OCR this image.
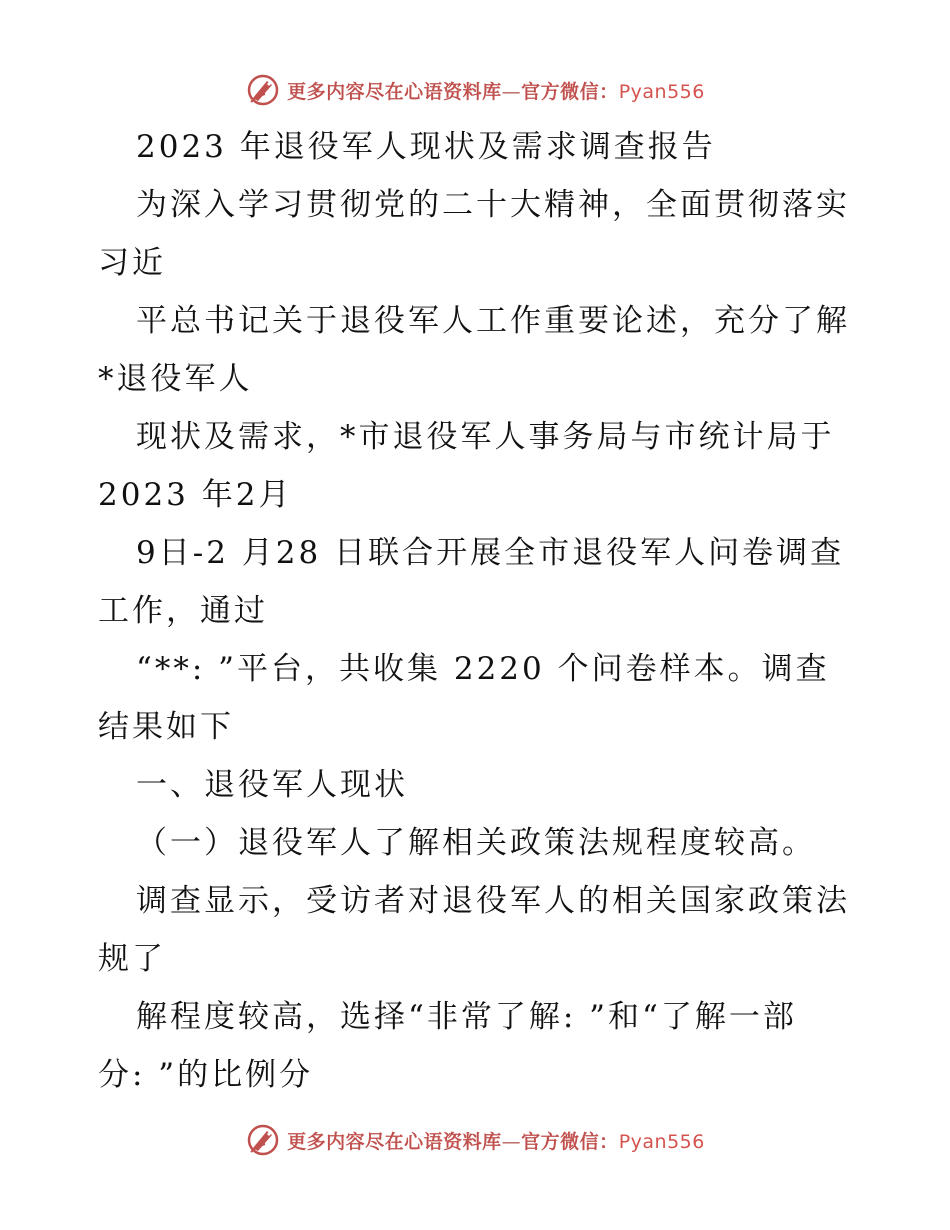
更多内容尽在心语资料库—官方微信：Pyan556
2023 年退役军人现状及需求调查报告
为深入学习贯彻党的二十大精神，全面贯彻落实
习近
平总书记关于退役军人工作重要论述，充分了解
*退役军人
现状及需求，*市退役军人事务局与市统计局于
2023 年2月
9日-2 月28 日联合开展全市退役军人问卷调查
工作，通过
“**: ”平台，共收集 2220 个问卷样本。调查
结果如下
一、退役军人现状
（一）退役军人了解相关政策法规程度较高。
调查显示，受访者对退役军人的相关国家政策法
规了
解程度较高，选择“非常了解: ”和“了解一部
分: ”的比例分
更多内容尽在心语资料库—官方微信：Pyan556
